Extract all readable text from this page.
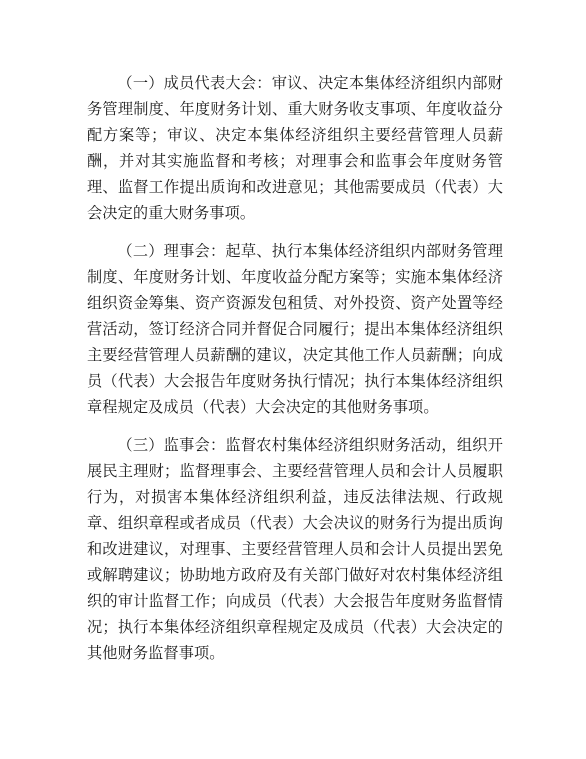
（一）成员代表大会：审议、决定本集体经济组织内部财务管理制度、年度财务计划、重大财务收支事项、年度收益分配方案等；审议、决定本集体经济组织主要经营管理人员薪酬，并对其实施监督和考核；对理事会和监事会年度财务管理、监督工作提出质询和改进意见；其他需要成员（代表）大会决定的重大财务事项。

（二）理事会：起草、执行本集体经济组织内部财务管理制度、年度财务计划、年度收益分配方案等；实施本集体经济组织资金筹集、资产资源发包租赁、对外投资、资产处置等经营活动，签订经济合同并督促合同履行；提出本集体经济组织主要经营管理人员薪酬的建议，决定其他工作人员薪酬；向成员（代表）大会报告年度财务执行情况；执行本集体经济组织章程规定及成员（代表）大会决定的其他财务事项。

（三）监事会：监督农村集体经济组织财务活动，组织开展民主理财；监督理事会、主要经营管理人员和会计人员履职行为，对损害本集体经济组织利益，违反法律法规、行政规章、组织章程或者成员（代表）大会决议的财务行为提出质询和改进建议，对理事、主要经营管理人员和会计人员提出罢免或解聘建议；协助地方政府及有关部门做好对农村集体经济组织的审计监督工作；向成员（代表）大会报告年度财务监督情况；执行本集体经济组织章程规定及成员（代表）大会决定的其他财务监督事项。
